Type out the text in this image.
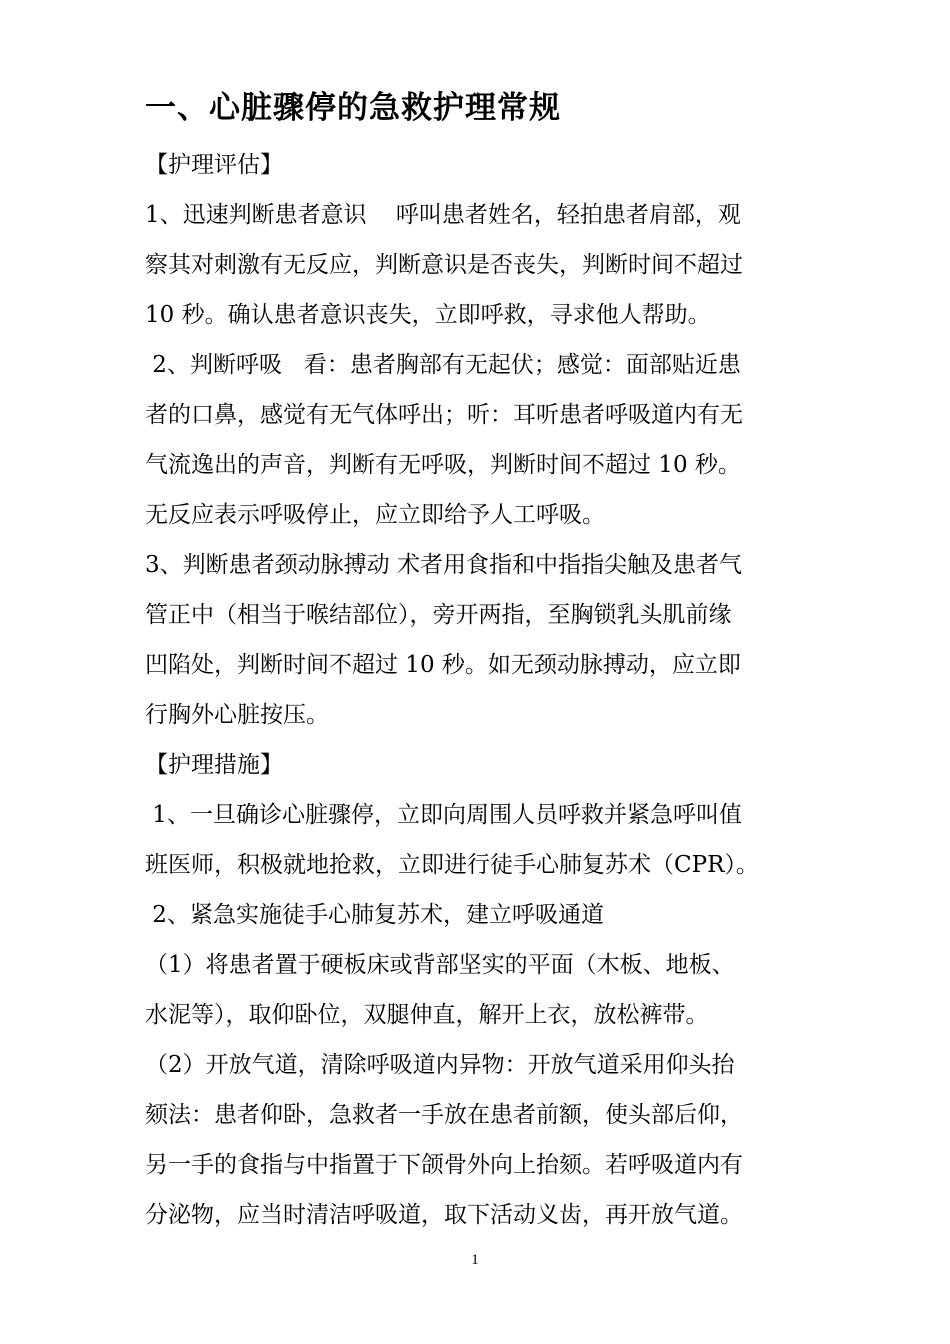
一、心脏骤停的急救护理常规
【护理评估】
1、迅速判断患者意识    呼叫患者姓名，轻拍患者肩部，观
察其对刺激有无反应，判断意识是否丧失，判断时间不超过
10 秒。确认患者意识丧失，立即呼救，寻求他人帮助。
2、判断呼吸   看：患者胸部有无起伏；感觉：面部贴近患
者的口鼻，感觉有无气体呼出；听：耳听患者呼吸道内有无
气流逸出的声音，判断有无呼吸，判断时间不超过 10 秒。
无反应表示呼吸停止，应立即给予人工呼吸。
3、判断患者颈动脉搏动 术者用食指和中指指尖触及患者气
管正中（相当于喉结部位），旁开两指，至胸锁乳头肌前缘
凹陷处，判断时间不超过 10 秒。如无颈动脉搏动，应立即
行胸外心脏按压。
【护理措施】
1、一旦确诊心脏骤停，立即向周围人员呼救并紧急呼叫值
班医师，积极就地抢救，立即进行徒手心肺复苏术（CPR）。
2、紧急实施徒手心肺复苏术，建立呼吸通道
（1）将患者置于硬板床或背部坚实的平面（木板、地板、
水泥等），取仰卧位，双腿伸直，解开上衣，放松裤带。
（2）开放气道，清除呼吸道内异物：开放气道采用仰头抬
颏法：患者仰卧，急救者一手放在患者前额，使头部后仰，
另一手的食指与中指置于下颌骨外向上抬颏。若呼吸道内有
分泌物，应当时清洁呼吸道，取下活动义齿，再开放气道。
1
